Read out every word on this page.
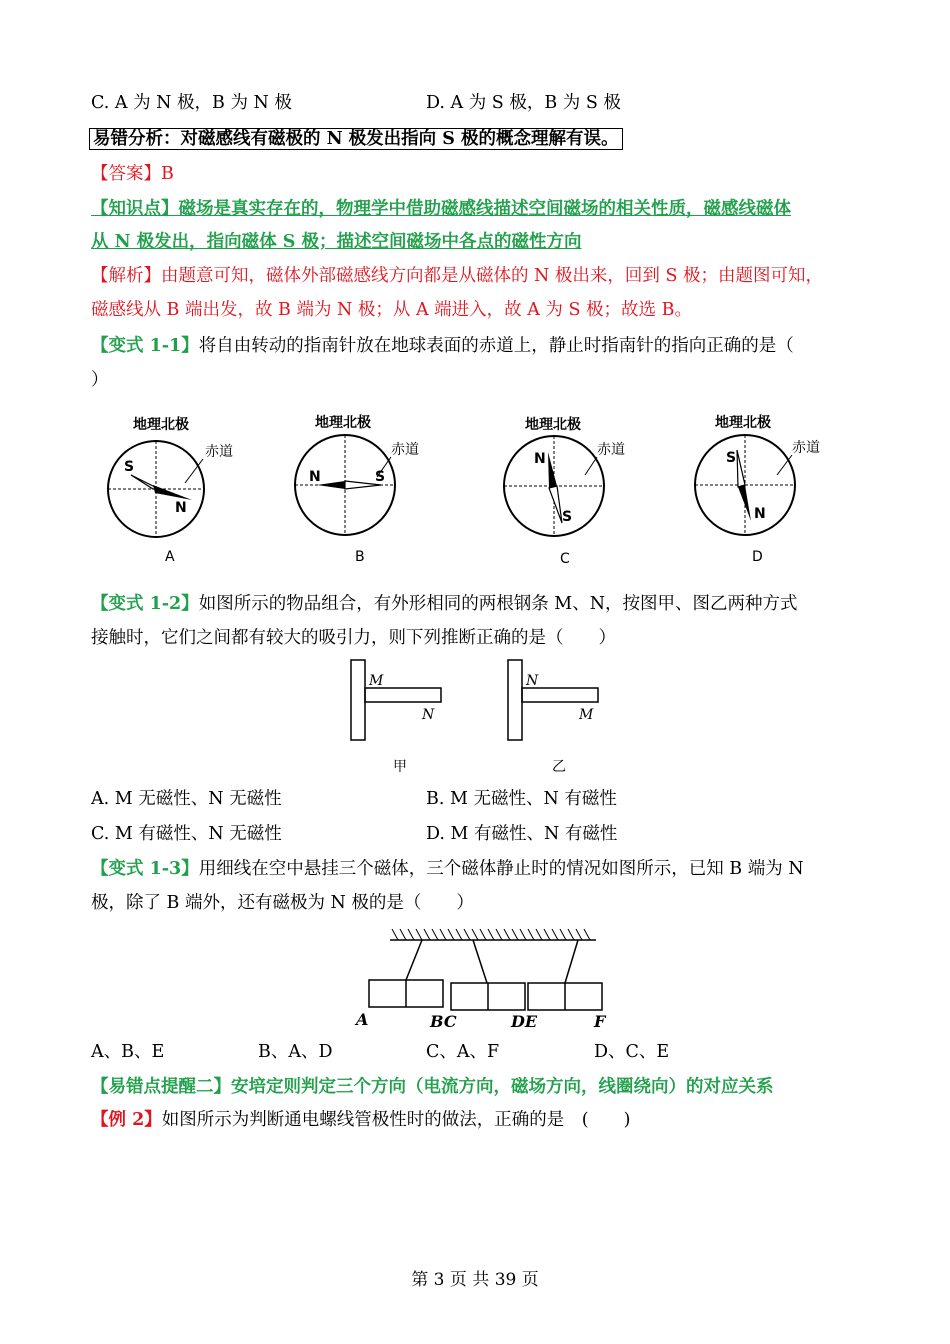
C. A 为 N 极，B 为 N 极	D. A 为 S 极，B 为 S 极
易错分析：对磁感线有磁极的 N 极发出指向 S 极的概念理解有误。
【答案】B
【知识点】磁场是真实存在的，物理学中借助磁感线描述空间磁场的相关性质，磁感线磁体
从 N 极发出，指向磁体 S 极；描述空间磁场中各点的磁性方向
【解析】由题意可知，磁体外部磁感线方向都是从磁体的 N 极出来，回到 S 极；由题图可知，
磁感线从 B 端出发，故 B 端为 N 极；从 A 端进入，故 A 为 S 极；故选 B。
【变式 1-1】将自由转动的指南针放在地球表面的赤道上，静止时指南针的指向正确的是（
）
地理北极
赤道
S
N
A
地理北极
赤道
N	S
B
地理北极
赤道
N
S
C
地理北极
赤道
S
N
D
【变式 1-2】如图所示的物品组合，有外形相同的两根钢条 M、N，按图甲、图乙两种方式
接触时，它们之间都有较大的吸引力，则下列推断正确的是（　　）
M
N
甲
N
M
乙
A. M 无磁性、N 无磁性	B. M 无磁性、N 有磁性
C. M 有磁性、N 无磁性	D. M 有磁性、N 有磁性
【变式 1-3】用细线在空中悬挂三个磁体，三个磁体静止时的情况如图所示，已知 B 端为 N
极，除了 B 端外，还有磁极为 N 极的是（　　）
A	BC	DE	F
A、B、E	B、A、D	C、A、F	D、C、E
【易错点提醒二】安培定则判定三个方向（电流方向，磁场方向，线圈绕向）的对应关系
【例 2】如图所示为判断通电螺线管极性时的做法，正确的是　(　　)
第 3 页 共 39 页
